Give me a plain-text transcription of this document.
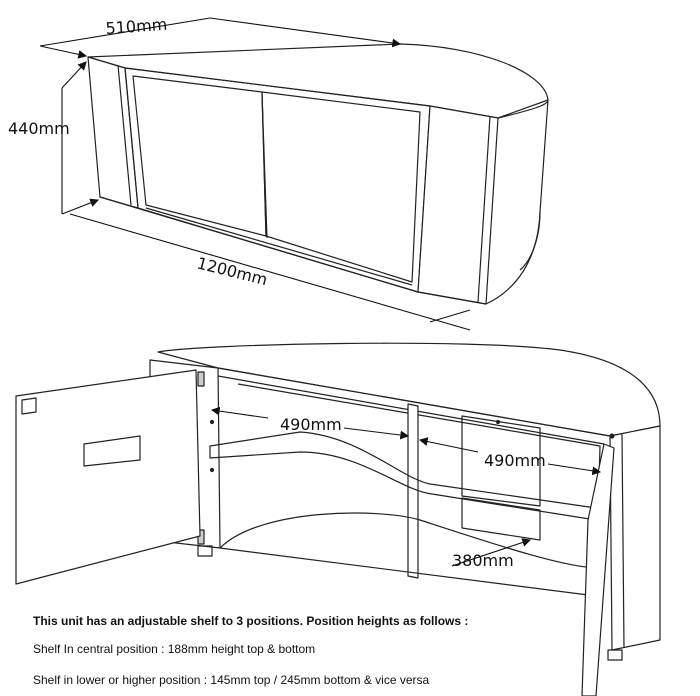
510mm
440mm
1200mm
490mm
490mm
380mm
This unit has an adjustable shelf to 3 positions. Position heights as follows :
Shelf In central position : 188mm height top & bottom
Shelf in lower or higher position : 145mm top / 245mm bottom & vice versa
